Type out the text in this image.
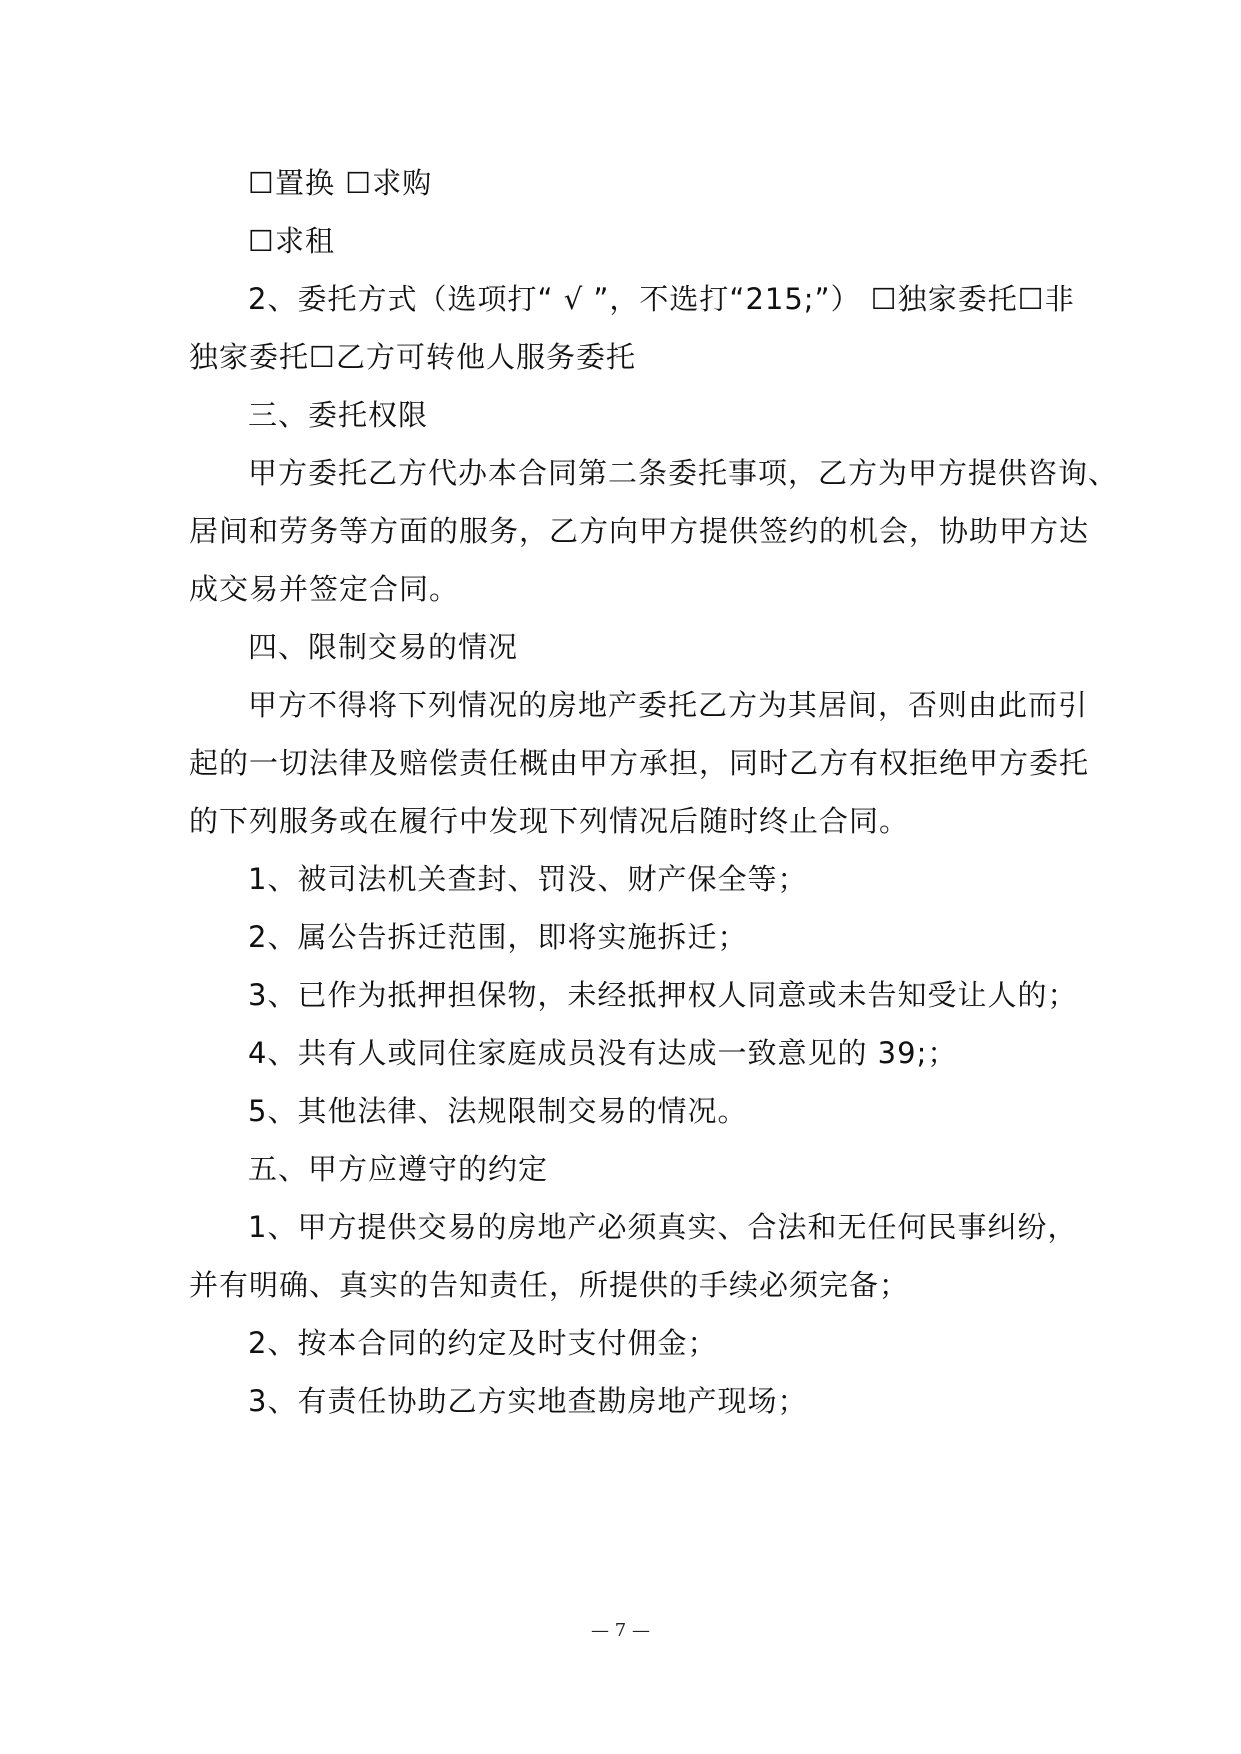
☐置换 ☐求购
☐求租
2、委托方式（选项打“ √ ”，不选打“215;”） ☐独家委托☐非
独家委托☐乙方可转他人服务委托
三、委托权限
甲方委托乙方代办本合同第二条委托事项，乙方为甲方提供咨询、
居间和劳务等方面的服务，乙方向甲方提供签约的机会，协助甲方达
成交易并签定合同。
四、限制交易的情况
甲方不得将下列情况的房地产委托乙方为其居间，否则由此而引
起的一切法律及赔偿责任概由甲方承担，同时乙方有权拒绝甲方委托
的下列服务或在履行中发现下列情况后随时终止合同。
1、被司法机关查封、罚没、财产保全等；
2、属公告拆迁范围，即将实施拆迁；
3、已作为抵押担保物，未经抵押权人同意或未告知受让人的；
4、共有人或同住家庭成员没有达成一致意见的 39;；
5、其他法律、法规限制交易的情况。
五、甲方应遵守的约定
1、甲方提供交易的房地产必须真实、合法和无任何民事纠纷，
并有明确、真实的告知责任，所提供的手续必须完备；
2、按本合同的约定及时支付佣金；
3、有责任协助乙方实地查勘房地产现场；
— 7 —
